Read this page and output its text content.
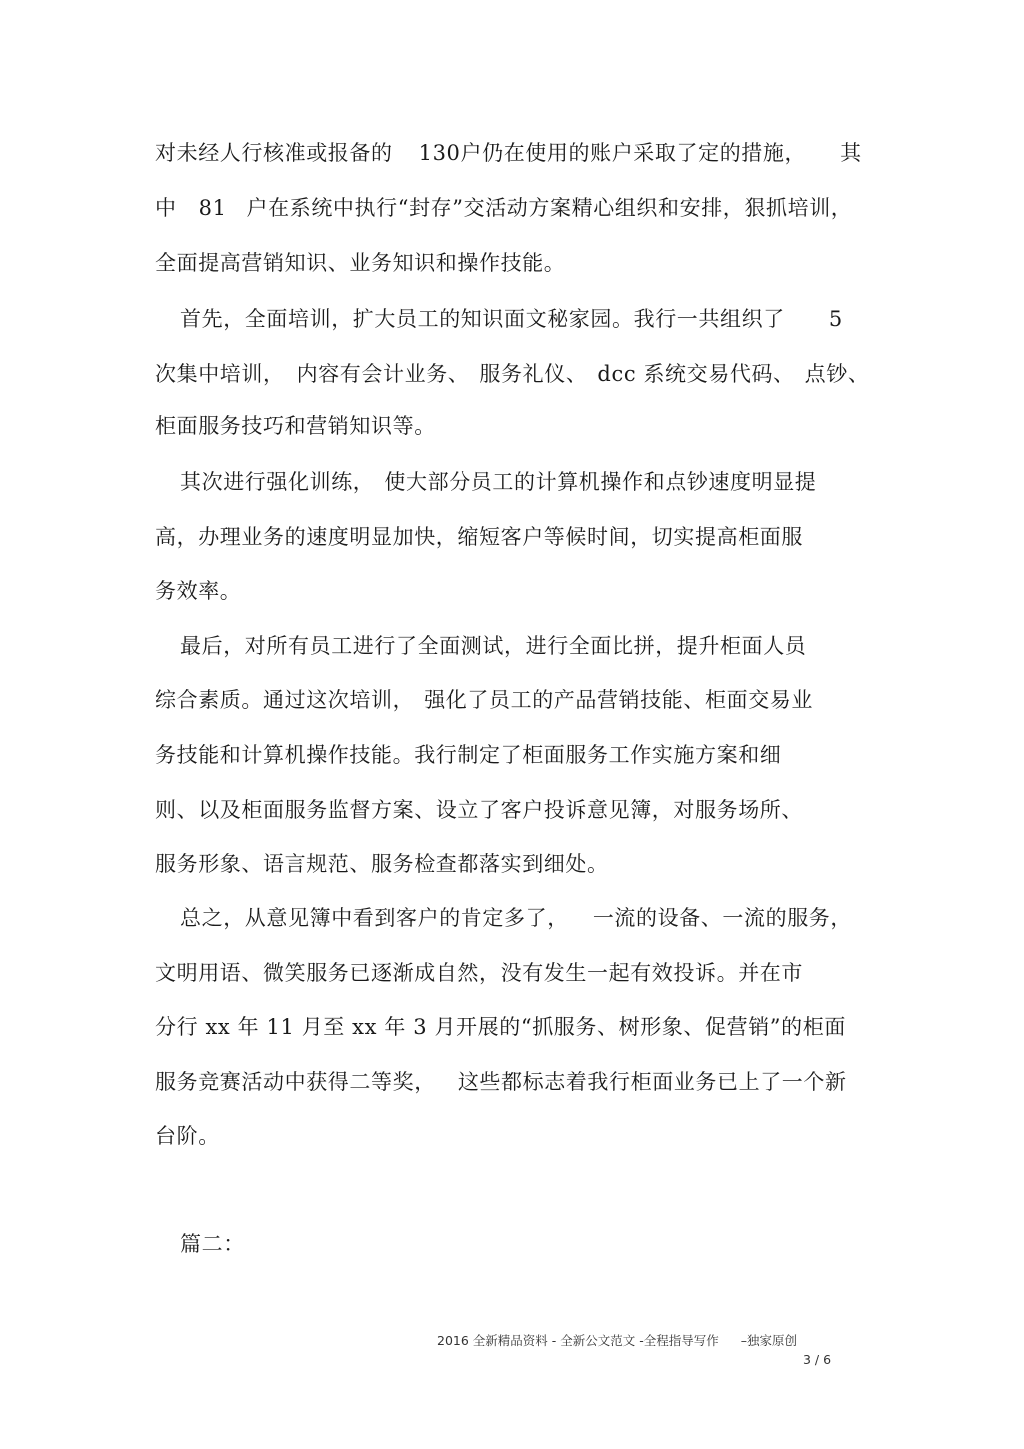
对未经人行核准或报备的 130户仍在使用的账户采取了定的措施， 其
中 81 户在系统中执行“封存”交活动方案精心组织和安排，狠抓培训，
全面提高营销知识、业务知识和操作技能。
首先，全面培训，扩大员工的知识面文秘家园。我行一共组织了 5
次集中培训， 内容有会计业务、 服务礼仪、 dcc 系统交易代码、 点钞、
柜面服务技巧和营销知识等。
其次进行强化训练， 使大部分员工的计算机操作和点钞速度明显提
高，办理业务的速度明显加快，缩短客户等候时间，切实提高柜面服
务效率。
最后，对所有员工进行了全面测试，进行全面比拼，提升柜面人员
综合素质。通过这次培训， 强化了员工的产品营销技能、柜面交易业
务技能和计算机操作技能。我行制定了柜面服务工作实施方案和细
则、以及柜面服务监督方案、设立了客户投诉意见簿，对服务场所、
服务形象、语言规范、服务检查都落实到细处。
总之，从意见簿中看到客户的肯定多了， 一流的设备、一流的服务，
文明用语、微笑服务已逐渐成自然，没有发生一起有效投诉。并在市
分行 xx 年 11 月至 xx 年 3 月开展的“抓服务、树形象、促营销”的柜面
服务竞赛活动中获得二等奖， 这些都标志着我行柜面业务已上了一个新
台阶。
篇二：
2016 全新精品资料 - 全新公文范文 -全程指导写作 –独家原创
3 / 6
